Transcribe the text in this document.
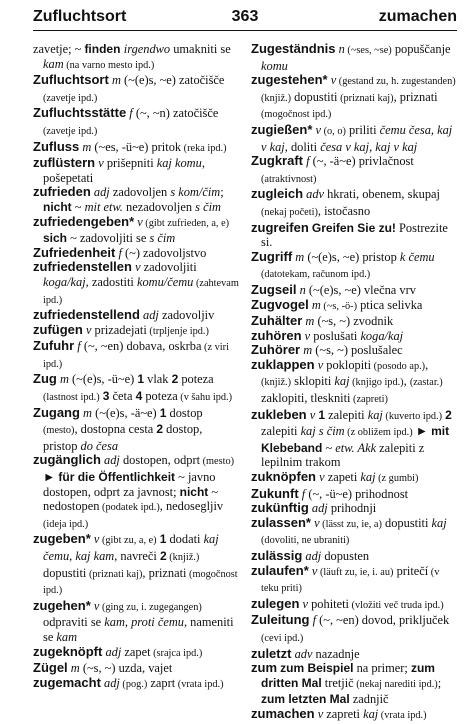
Zufluchtsort	363	zumachen

zavetje; ~ finden irgendwo umakniti se kam (na varno mesto ipd.)

Zufluchtsort m (~(e)s, ~e) zatočišče (zavetje ipd.)

Zufluchtsstätte f (~, ~n) zatočišče (zavetje ipd.)

Zufluss m (~es, -ü~e) pritok (reka ipd.)

zuflüstern v prišepniti kaj komu, pošepetati

zufrieden adj zadovoljen s kom/čim; nicht ~ mit etw. nezadovoljen s čim

zufriedengeben* v (gibt zufrieden, a, e) sich ~ zadovoljiti se s čim

Zufriedenheit f (~) zadovoljstvo

zufriedenstellen v zadovoljiti koga/kaj, zadostiti komu/čemu (zahtevam ipd.)

zufriedenstellend adj zadovoljiv

zufügen v prizadejati (trpljenje ipd.)

Zufuhr f (~, ~en) dobava, oskrba (z viri ipd.)

Zug m (~(e)s, -ü~e) 1 vlak 2 poteza (lastnost ipd.) 3 četa 4 poteza (v šahu ipd.)

Zugang m (~(e)s, -ä~e) 1 dostop (mesto), dostopna cesta 2 dostop, pristop do česa

zugänglich adj dostopen, odprt (mesto) ► für die Öffentlichkeit ~ javno dostopen, odprt za javnost; nicht ~ nedostopen (podatek ipd.), nedosegljiv (ideja ipd.)

zugeben* v (gibt zu, a, e) 1 dodati kaj čemu, kaj kam, navreči 2 (knjiž.) dopustiti (priznati kaj), priznati (mogočnost ipd.)

zugehen* v (ging zu, i. zugegangen) odpraviti se kam, proti čemu, nameniti se kam

zugeknöpft adj zapet (srajca ipd.)

Zügel m (~s, ~) uzda, vajet

zugemacht adj (pog.) zaprt (vrata ipd.)

Zugeständnis n (~ses, ~se) popuščanje komu

zugestehen* v (gestand zu, h. zugestanden) (knjiž.) dopustiti (priznati kaj), priznati (mogočnost ipd.)

zugießen* v (o, o) priliti čemu česa, kaj v kaj, doliti česa v kaj, kaj v kaj

Zugkraft f (~, -ä~e) privlačnost (atraktivnost)

zugleich adv hkrati, obenem, skupaj (nekaj početi), istočasno

zugreifen Greifen Sie zu! Postrezite si.

Zugriff m (~(e)s, ~e) pristop k čemu (datotekam, računom ipd.)

Zugseil n (~(e)s, ~e) vlečna vrv

Zugvogel m (~s, -ö-) ptica selivka

Zuhälter m (~s, ~) zvodnik

zuhören v poslušati koga/kaj

Zuhörer m (~s, ~) poslušalec

zuklappen v poklopiti (posodo ap.), (knjiž.) sklopiti kaj (knjigo ipd.), (zastar.) zaklopiti, tleskniti (zapreti)

zukleben v 1 zalepiti kaj (kuverto ipd.) 2 zalepiti kaj s čim (z obližem ipd.) ► mit Klebeband ~ etw. Akk zalepiti z lepilnim trakom

zuknöpfen v zapeti kaj (z gumbi)

Zukunft f (~, -ü~e) prihodnost

zukünftig adj prihodnji

zulassen* v (lässt zu, ie, a) dopustiti kaj (dovoliti, ne ubraniti)

zulässig adj dopusten

zulaufen* v (läuft zu, ie, i. au) pritečí (v teku priti)

zulegen v pohiteti (vložiti več truda ipd.)

Zuleitung f (~, ~en) dovod, priključek (cevi ipd.)

zuletzt adv nazadnje

zum zum Beispiel na primer; zum dritten Mal tretjič (nekaj narediti ipd.); zum letzten Mal zadnjič

zumachen v zapreti kaj (vrata ipd.)
